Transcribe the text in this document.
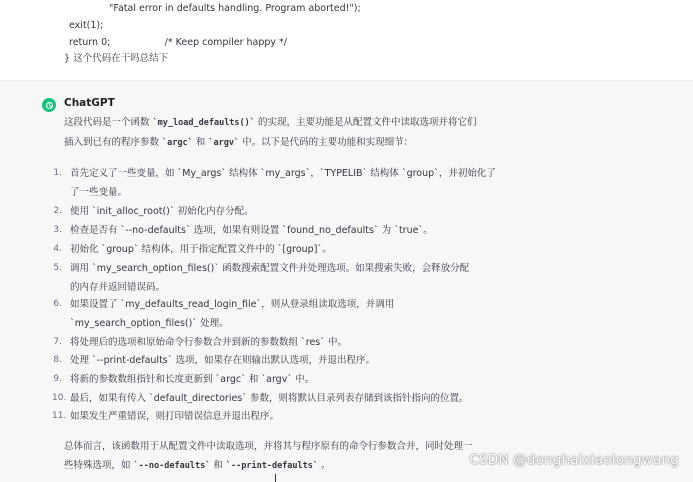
"Fatal error in defaults handling. Program aborted!");
exit(1);
return 0;                  /* Keep compiler happy */
} 这个代码在干吗总结下
ChatGPT
这段代码是一个函数 `my_load_defaults()` 的实现，主要功能是从配置文件中读取选项并将它们
插入到已有的程序参数 `argc` 和 `argv` 中。以下是代码的主要功能和实现细节：
1. 首先定义了一些变量，如 `My_args` 结构体 `my_args`，`TYPELIB` 结构体 `group`，并初始化了
了一些变量。
2. 使用 `init_alloc_root()` 初始化内存分配。
3. 检查是否有 `--no-defaults` 选项，如果有则设置 `found_no_defaults` 为 `true`。
4. 初始化 `group` 结构体，用于指定配置文件中的 `[group]`。
5. 调用 `my_search_option_files()` 函数搜索配置文件并处理选项。如果搜索失败，会释放分配
的内存并返回错误码。
6. 如果设置了 `my_defaults_read_login_file`，则从登录组读取选项，并调用
`my_search_option_files()` 处理。
7. 将处理后的选项和原始命令行参数合并到新的参数数组 `res` 中。
8. 处理 `--print-defaults` 选项，如果存在则输出默认选项，并退出程序。
9. 将新的参数数组指针和长度更新到 `argc` 和 `argv` 中。
10. 最后，如果有传入 `default_directories` 参数，则将默认目录列表存储到该指针指向的位置。
11. 如果发生严重错误，则打印错误信息并退出程序。
总体而言，该函数用于从配置文件中读取选项，并将其与程序原有的命令行参数合并，同时处理一
些特殊选项，如 `--no-defaults` 和 `--print-defaults` 。	CSDN @donghaixiaolongwang
